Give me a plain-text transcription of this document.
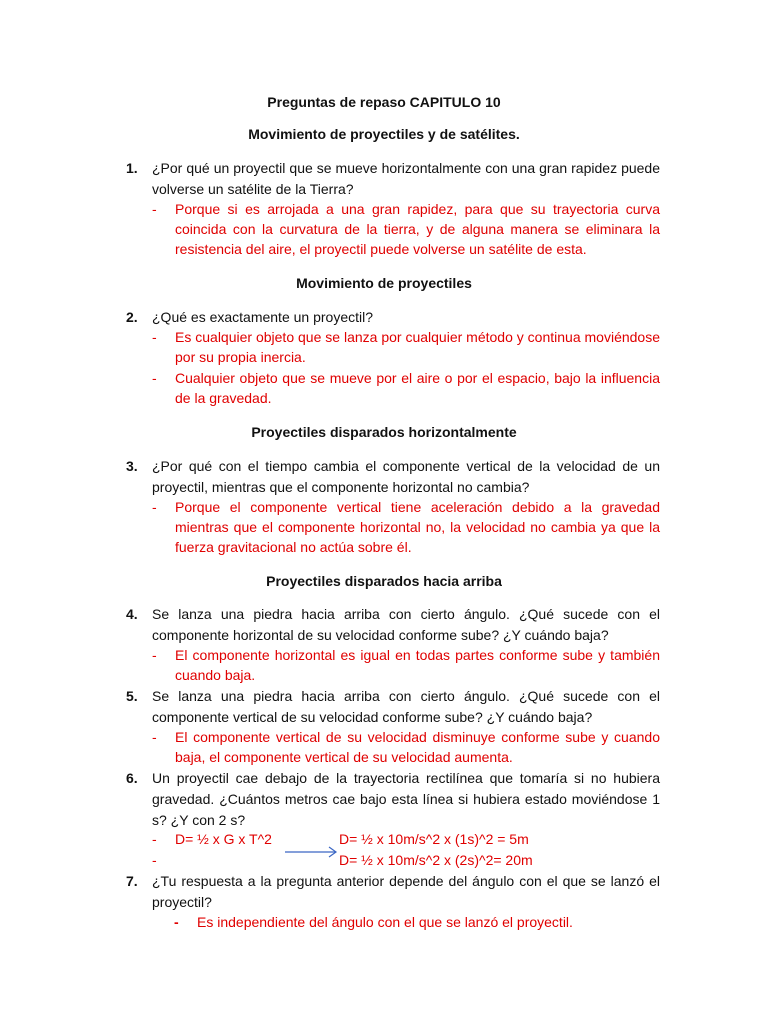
Preguntas de repaso CAPITULO 10
Movimiento de proyectiles y de satélites.
1. ¿Por qué un proyectil que se mueve horizontalmente con una gran rapidez puede volverse un satélite de la Tierra?
- Porque si es arrojada a una gran rapidez, para que su trayectoria curva coincida con la curvatura de la tierra, y de alguna manera se eliminara la resistencia del aire, el proyectil puede volverse un satélite de esta.
Movimiento de proyectiles
2. ¿Qué es exactamente un proyectil?
- Es cualquier objeto que se lanza por cualquier método y continua moviéndose por su propia inercia.
- Cualquier objeto que se mueve por el aire o por el espacio, bajo la influencia de la gravedad.
Proyectiles disparados horizontalmente
3. ¿Por qué con el tiempo cambia el componente vertical de la velocidad de un proyectil, mientras que el componente horizontal no cambia?
- Porque el componente vertical tiene aceleración debido a la gravedad mientras que el componente horizontal no, la velocidad no cambia ya que la fuerza gravitacional no actúa sobre él.
Proyectiles disparados hacia arriba
4. Se lanza una piedra hacia arriba con cierto ángulo. ¿Qué sucede con el componente horizontal de su velocidad conforme sube? ¿Y cuándo baja?
- El componente horizontal es igual en todas partes conforme sube y también cuando baja.
5. Se lanza una piedra hacia arriba con cierto ángulo. ¿Qué sucede con el componente vertical de su velocidad conforme sube? ¿Y cuándo baja?
- El componente vertical de su velocidad disminuye conforme sube y cuando baja, el componente vertical de su velocidad aumenta.
6. Un proyectil cae debajo de la trayectoria rectilínea que tomaría si no hubiera gravedad. ¿Cuántos metros cae bajo esta línea si hubiera estado moviéndose 1 s? ¿Y con 2 s?
- D= ½ x G x T^2	D= ½ x 10m/s^2 x (1s)^2 = 5m
-	D= ½ x 10m/s^2 x (2s)^2= 20m
7. ¿Tu respuesta a la pregunta anterior depende del ángulo con el que se lanzó el proyectil?
- Es independiente del ángulo con el que se lanzó el proyectil.
